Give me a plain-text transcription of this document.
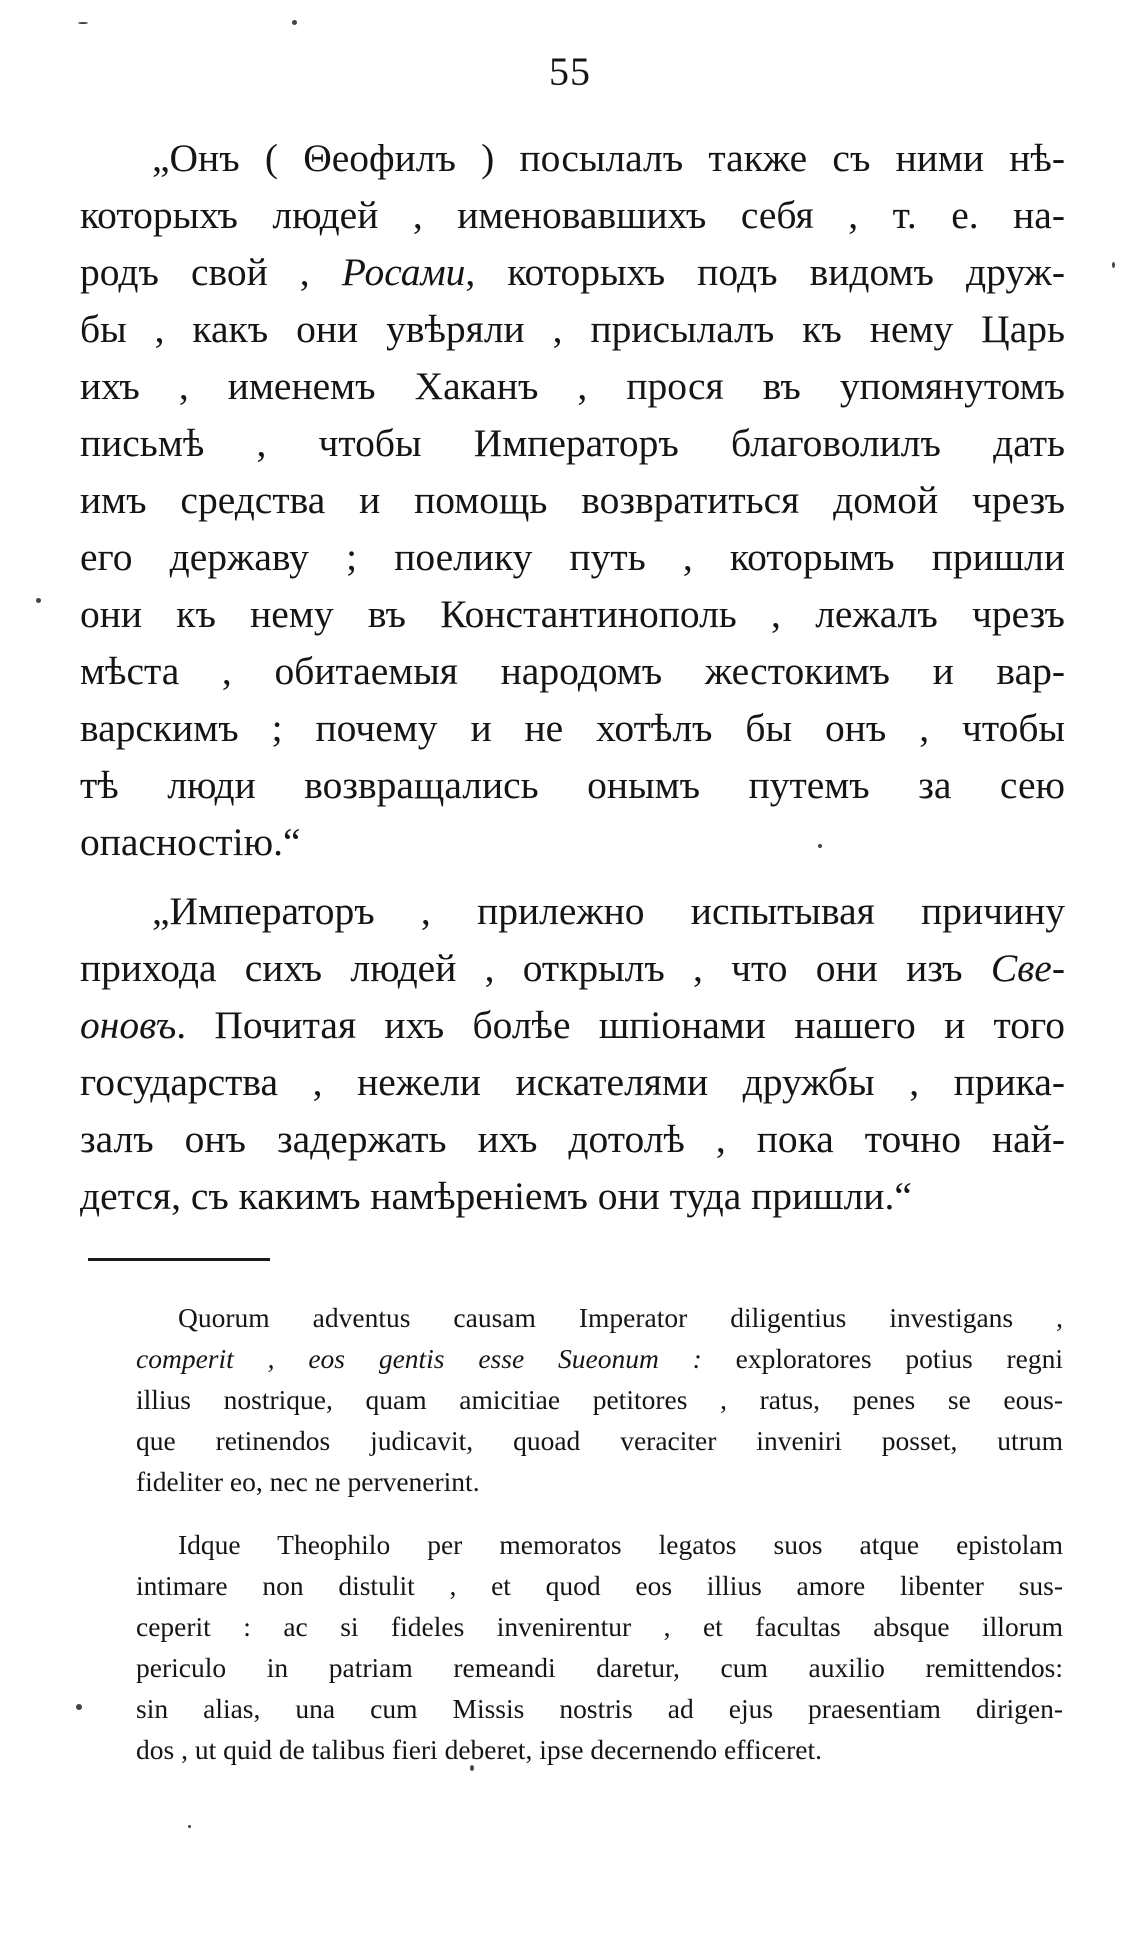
55
„Онъ ( Θеофилъ ) посылалъ также съ ними нѣ-
которыхъ людей , именовавшихъ себя , т. е. на-
родъ свой , Росами, которыхъ подъ видомъ друж-
бы , какъ они увѣряли , присылалъ къ нему Царь
ихъ , именемъ Хаканъ , прося въ упомянутомъ
письмѣ , чтобы Императоръ благоволилъ дать
имъ средства и помощь возвратиться домой чрезъ
его державу ; поелику путь , которымъ пришли
они къ нему въ Константинополь , лежалъ чрезъ
мѣста , обитаемыя народомъ жестокимъ и вар-
варскимъ ; почему и не хотѣлъ бы онъ , чтобы
тѣ люди возвращались онымъ путемъ за сею
опасностію.“
„Императоръ , прилежно испытывая причину
прихода сихъ людей , открылъ , что они изъ Све-
оновъ. Почитая ихъ болѣе шпіонами нашего и того
государства , нежели искателями дружбы , прика-
залъ онъ задержать ихъ дотолѣ , пока точно най-
дется, съ какимъ намѣреніемъ они туда пришли.“
Quorum adventus causam Imperator diligentius investigans ,
comperit , eos gentis esse Sueonum : exploratores potius regni
illius nostrique, quam amicitiae petitores , ratus, penes se eous-
que retinendos judicavit, quoad veraciter inveniri posset, utrum
fideliter eo, nec ne pervenerint.
Idque Theophilo per memoratos legatos suos atque epistolam
intimare non distulit , et quod eos illius amore libenter sus-
ceperit : ac si fideles invenirentur , et facultas absque illorum
periculo in patriam remeandi daretur, cum auxilio remittendos:
sin alias, una cum Missis nostris ad ejus praesentiam dirigen-
dos , ut quid de talibus fieri deberet, ipse decernendo efficeret.
